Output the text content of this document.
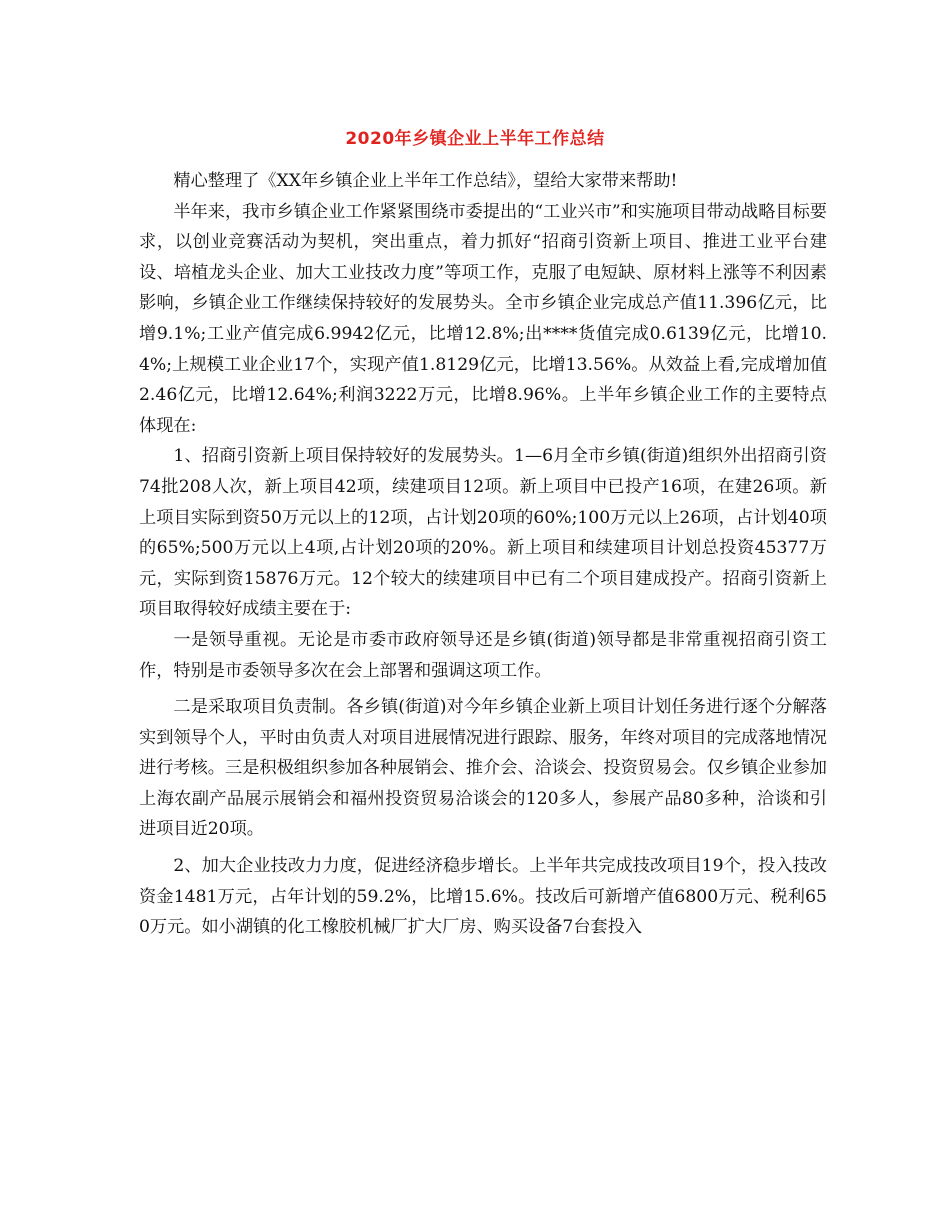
2020年乡镇企业上半年工作总结

精心整理了《XX年乡镇企业上半年工作总结》，望给大家带来帮助!

半年来，我市乡镇企业工作紧紧围绕市委提出的“工业兴市”和实施项目带动战略目标要求，以创业竞赛活动为契机，突出重点，着力抓好“招商引资新上项目、推进工业平台建设、培植龙头企业、加大工业技改力度”等项工作，克服了电短缺、原材料上涨等不利因素影响，乡镇企业工作继续保持较好的发展势头。全市乡镇企业完成总产值11.396亿元，比增9.1%;工业产值完成6.9942亿元，比增12.8%;出****货值完成0.6139亿元，比增10.4%;上规模工业企业17个，实现产值1.8129亿元，比增13.56%。从效益上看,完成增加值2.46亿元，比增12.64%;利润3222万元，比增8.96%。上半年乡镇企业工作的主要特点体现在:

1、招商引资新上项目保持较好的发展势头。1—6月全市乡镇(街道)组织外出招商引资74批208人次，新上项目42项，续建项目12项。新上项目中已投产16项，在建26项。新上项目实际到资50万元以上的12项，占计划20项的60%;100万元以上26项，占计划40项的65%;500万元以上4项,占计划20项的20%。新上项目和续建项目计划总投资45377万元，实际到资15876万元。12个较大的续建项目中已有二个项目建成投产。招商引资新上项目取得较好成绩主要在于:

一是领导重视。无论是市委市政府领导还是乡镇(街道)领导都是非常重视招商引资工作，特别是市委领导多次在会上部署和强调这项工作。

二是采取项目负责制。各乡镇(街道)对今年乡镇企业新上项目计划任务进行逐个分解落实到领导个人，平时由负责人对项目进展情况进行跟踪、服务，年终对项目的完成落地情况进行考核。三是积极组织参加各种展销会、推介会、洽谈会、投资贸易会。仅乡镇企业参加上海农副产品展示展销会和福州投资贸易洽谈会的120多人，参展产品80多种，洽谈和引进项目近20项。

2、加大企业技改力力度，促进经济稳步增长。上半年共完成技改项目19个，投入技改资金1481万元，占年计划的59.2%，比增15.6%。技改后可新增产值6800万元、税利650万元。如小湖镇的化工橡胶机械厂扩大厂房、购买设备7台套投入
